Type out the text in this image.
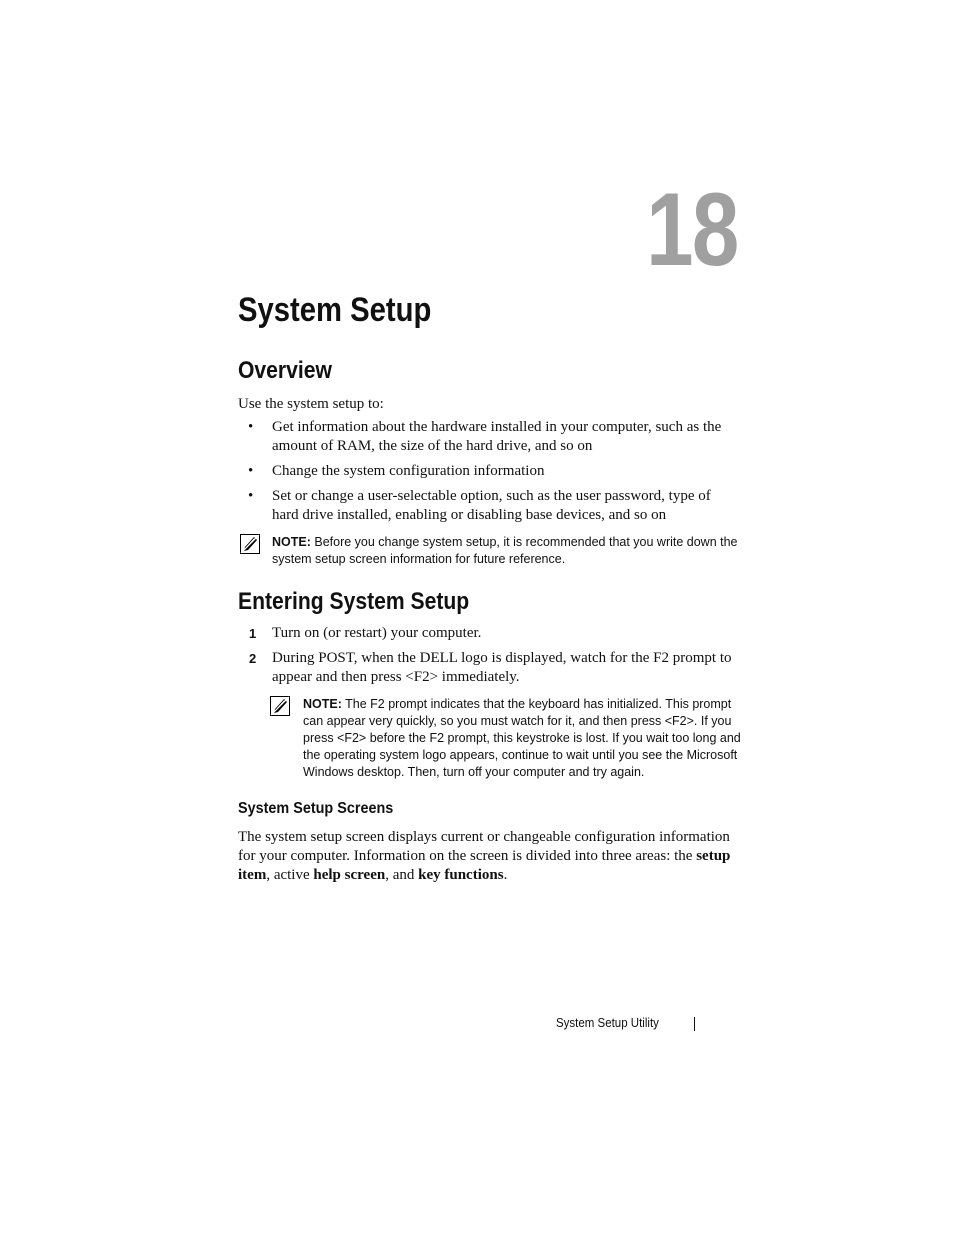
18
System Setup
Overview

Use the system setup to:

• Get information about the hardware installed in your computer, such as the amount of RAM, the size of the hard drive, and so on
• Change the system configuration information
• Set or change a user-selectable option, such as the user password, type of hard drive installed, enabling or disabling base devices, and so on
NOTE: Before you change system setup, it is recommended that you write down the system setup screen information for future reference.
Entering System Setup
1 Turn on (or restart) your computer.
2 During POST, when the DELL logo is displayed, watch for the F2 prompt to appear and then press <F2> immediately.
NOTE: The F2 prompt indicates that the keyboard has initialized. This prompt can appear very quickly, so you must watch for it, and then press <F2>. If you press <F2> before the F2 prompt, this keystroke is lost. If you wait too long and the operating system logo appears, continue to wait until you see the Microsoft Windows desktop. Then, turn off your computer and try again.
System Setup Screens

The system setup screen displays current or changeable configuration information for your computer. Information on the screen is divided into three areas: the setup item, active help screen, and key functions.

System Setup Utility
